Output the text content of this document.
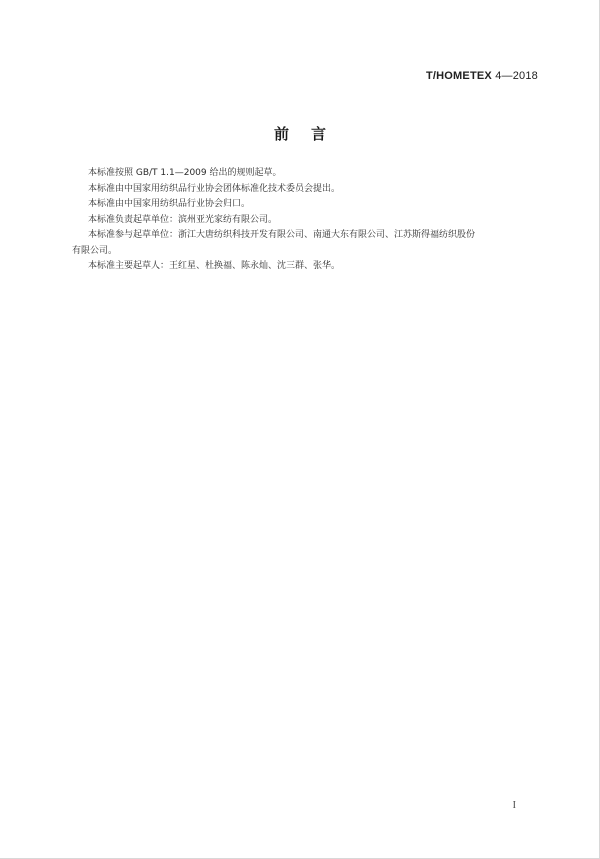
T/HOMETEX 4—2018
前言

本标准按照 GB/T 1.1—2009 给出的规则起草。

本标准由中国家用纺织品行业协会团体标准化技术委员会提出。

本标准由中国家用纺织品行业协会归口。

本标准负责起草单位：滨州亚光家纺有限公司。

本标准参与起草单位：浙江大唐纺织科技开发有限公司、南通大东有限公司、江苏斯得福纺织股份

有限公司。

本标准主要起草人：王红星、杜换福、陈永灿、沈三群、张华。

I
